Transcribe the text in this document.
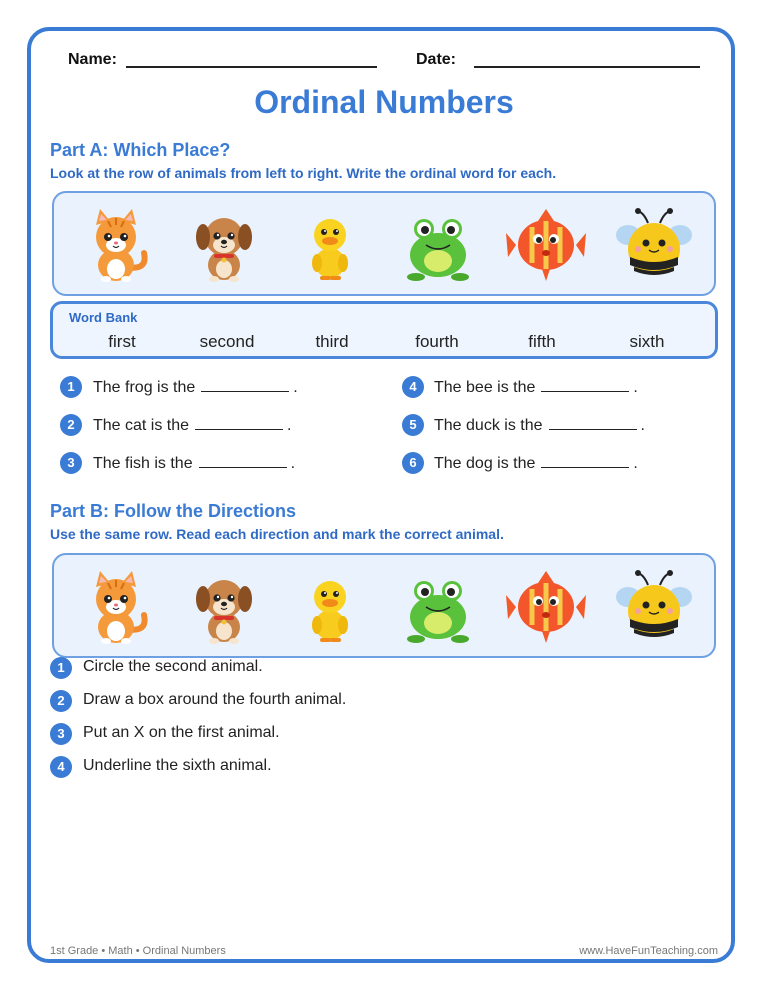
Name:	Date:
Ordinal Numbers
Part A: Which Place?
Look at the row of animals from left to right. Write the ordinal word for each.
Word Bank
first	second	third	fourth	fifth	sixth
1	The frog is the	.
2	The cat is the	.
3	The fish is the	.
4	The bee is the	.
5	The duck is the	.
6	The dog is the	.
Part B: Follow the Directions
Use the same row. Read each direction and mark the correct animal.
1	Circle the second animal.
2	Draw a box around the fourth animal.
3	Put an X on the first animal.
4	Underline the sixth animal.
1st Grade • Math • Ordinal Numbers	www.HaveFunTeaching.com
